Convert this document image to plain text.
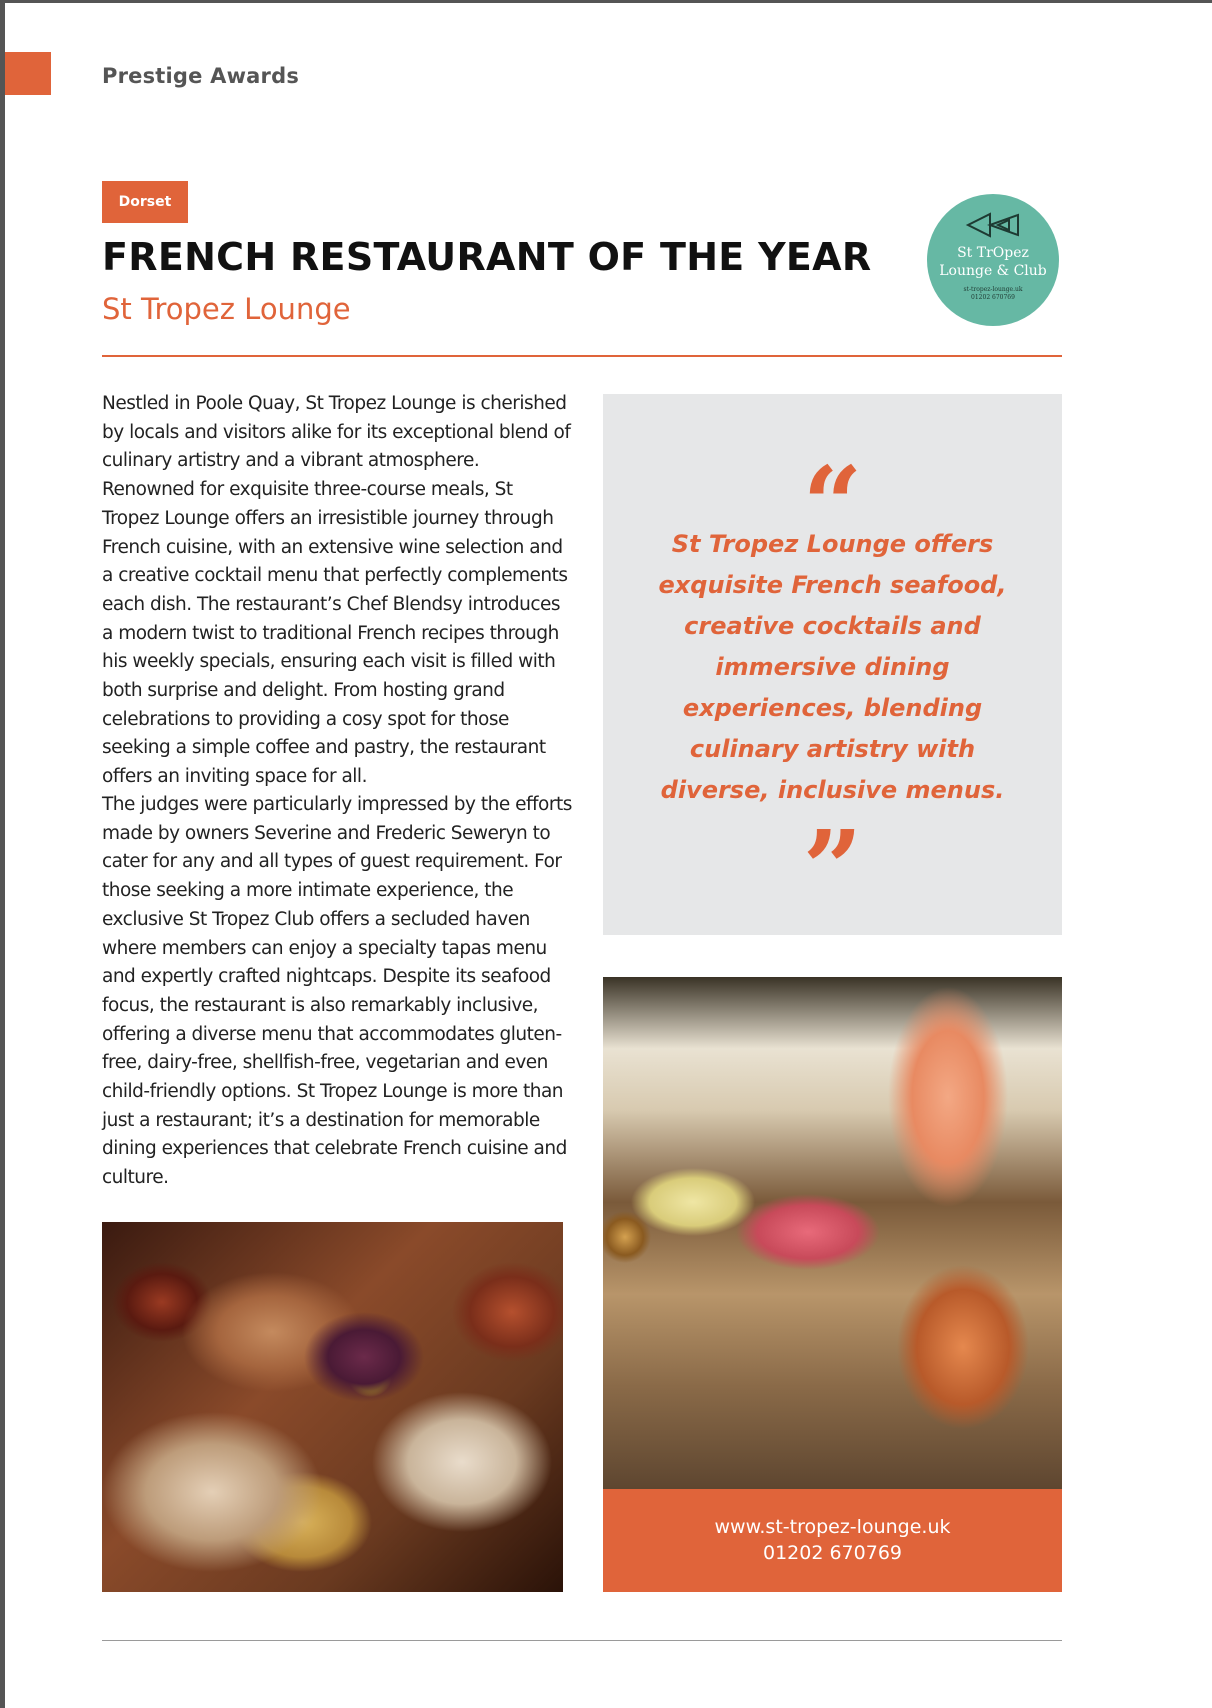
Prestige Awards
Dorset
FRENCH RESTAURANT OF THE YEAR
St Tropez Lounge
St TrOpez
Lounge & Club
st-tropez-lounge.uk
01202 670769

Nestled in Poole Quay, St Tropez Lounge is cherished by locals and visitors alike for its exceptional blend of culinary artistry and a vibrant atmosphere. Renowned for exquisite three-course meals, St Tropez Lounge offers an irresistible journey through French cuisine, with an extensive wine selection and a creative cocktail menu that perfectly complements each dish. The restaurant’s Chef Blendsy introduces a modern twist to traditional French recipes through his weekly specials, ensuring each visit is filled with both surprise and delight. From hosting grand celebrations to providing a cosy spot for those seeking a simple coffee and pastry, the restaurant offers an inviting space for all.

The judges were particularly impressed by the efforts made by owners Severine and Frederic Seweryn to cater for any and all types of guest requirement. For those seeking a more intimate experience, the exclusive St Tropez Club offers a secluded haven where members can enjoy a specialty tapas menu and expertly crafted nightcaps. Despite its seafood focus, the restaurant is also remarkably inclusive, offering a diverse menu that accommodates gluten-free, dairy-free, shellfish-free, vegetarian and even child-friendly options. St Tropez Lounge is more than just a restaurant; it’s a destination for memorable dining experiences that celebrate French cuisine and culture.

“
St Tropez Lounge offers exquisite French seafood, creative cocktails and immersive dining experiences, blending culinary artistry with diverse, inclusive menus.
”
www.st-tropez-lounge.uk
01202 670769
